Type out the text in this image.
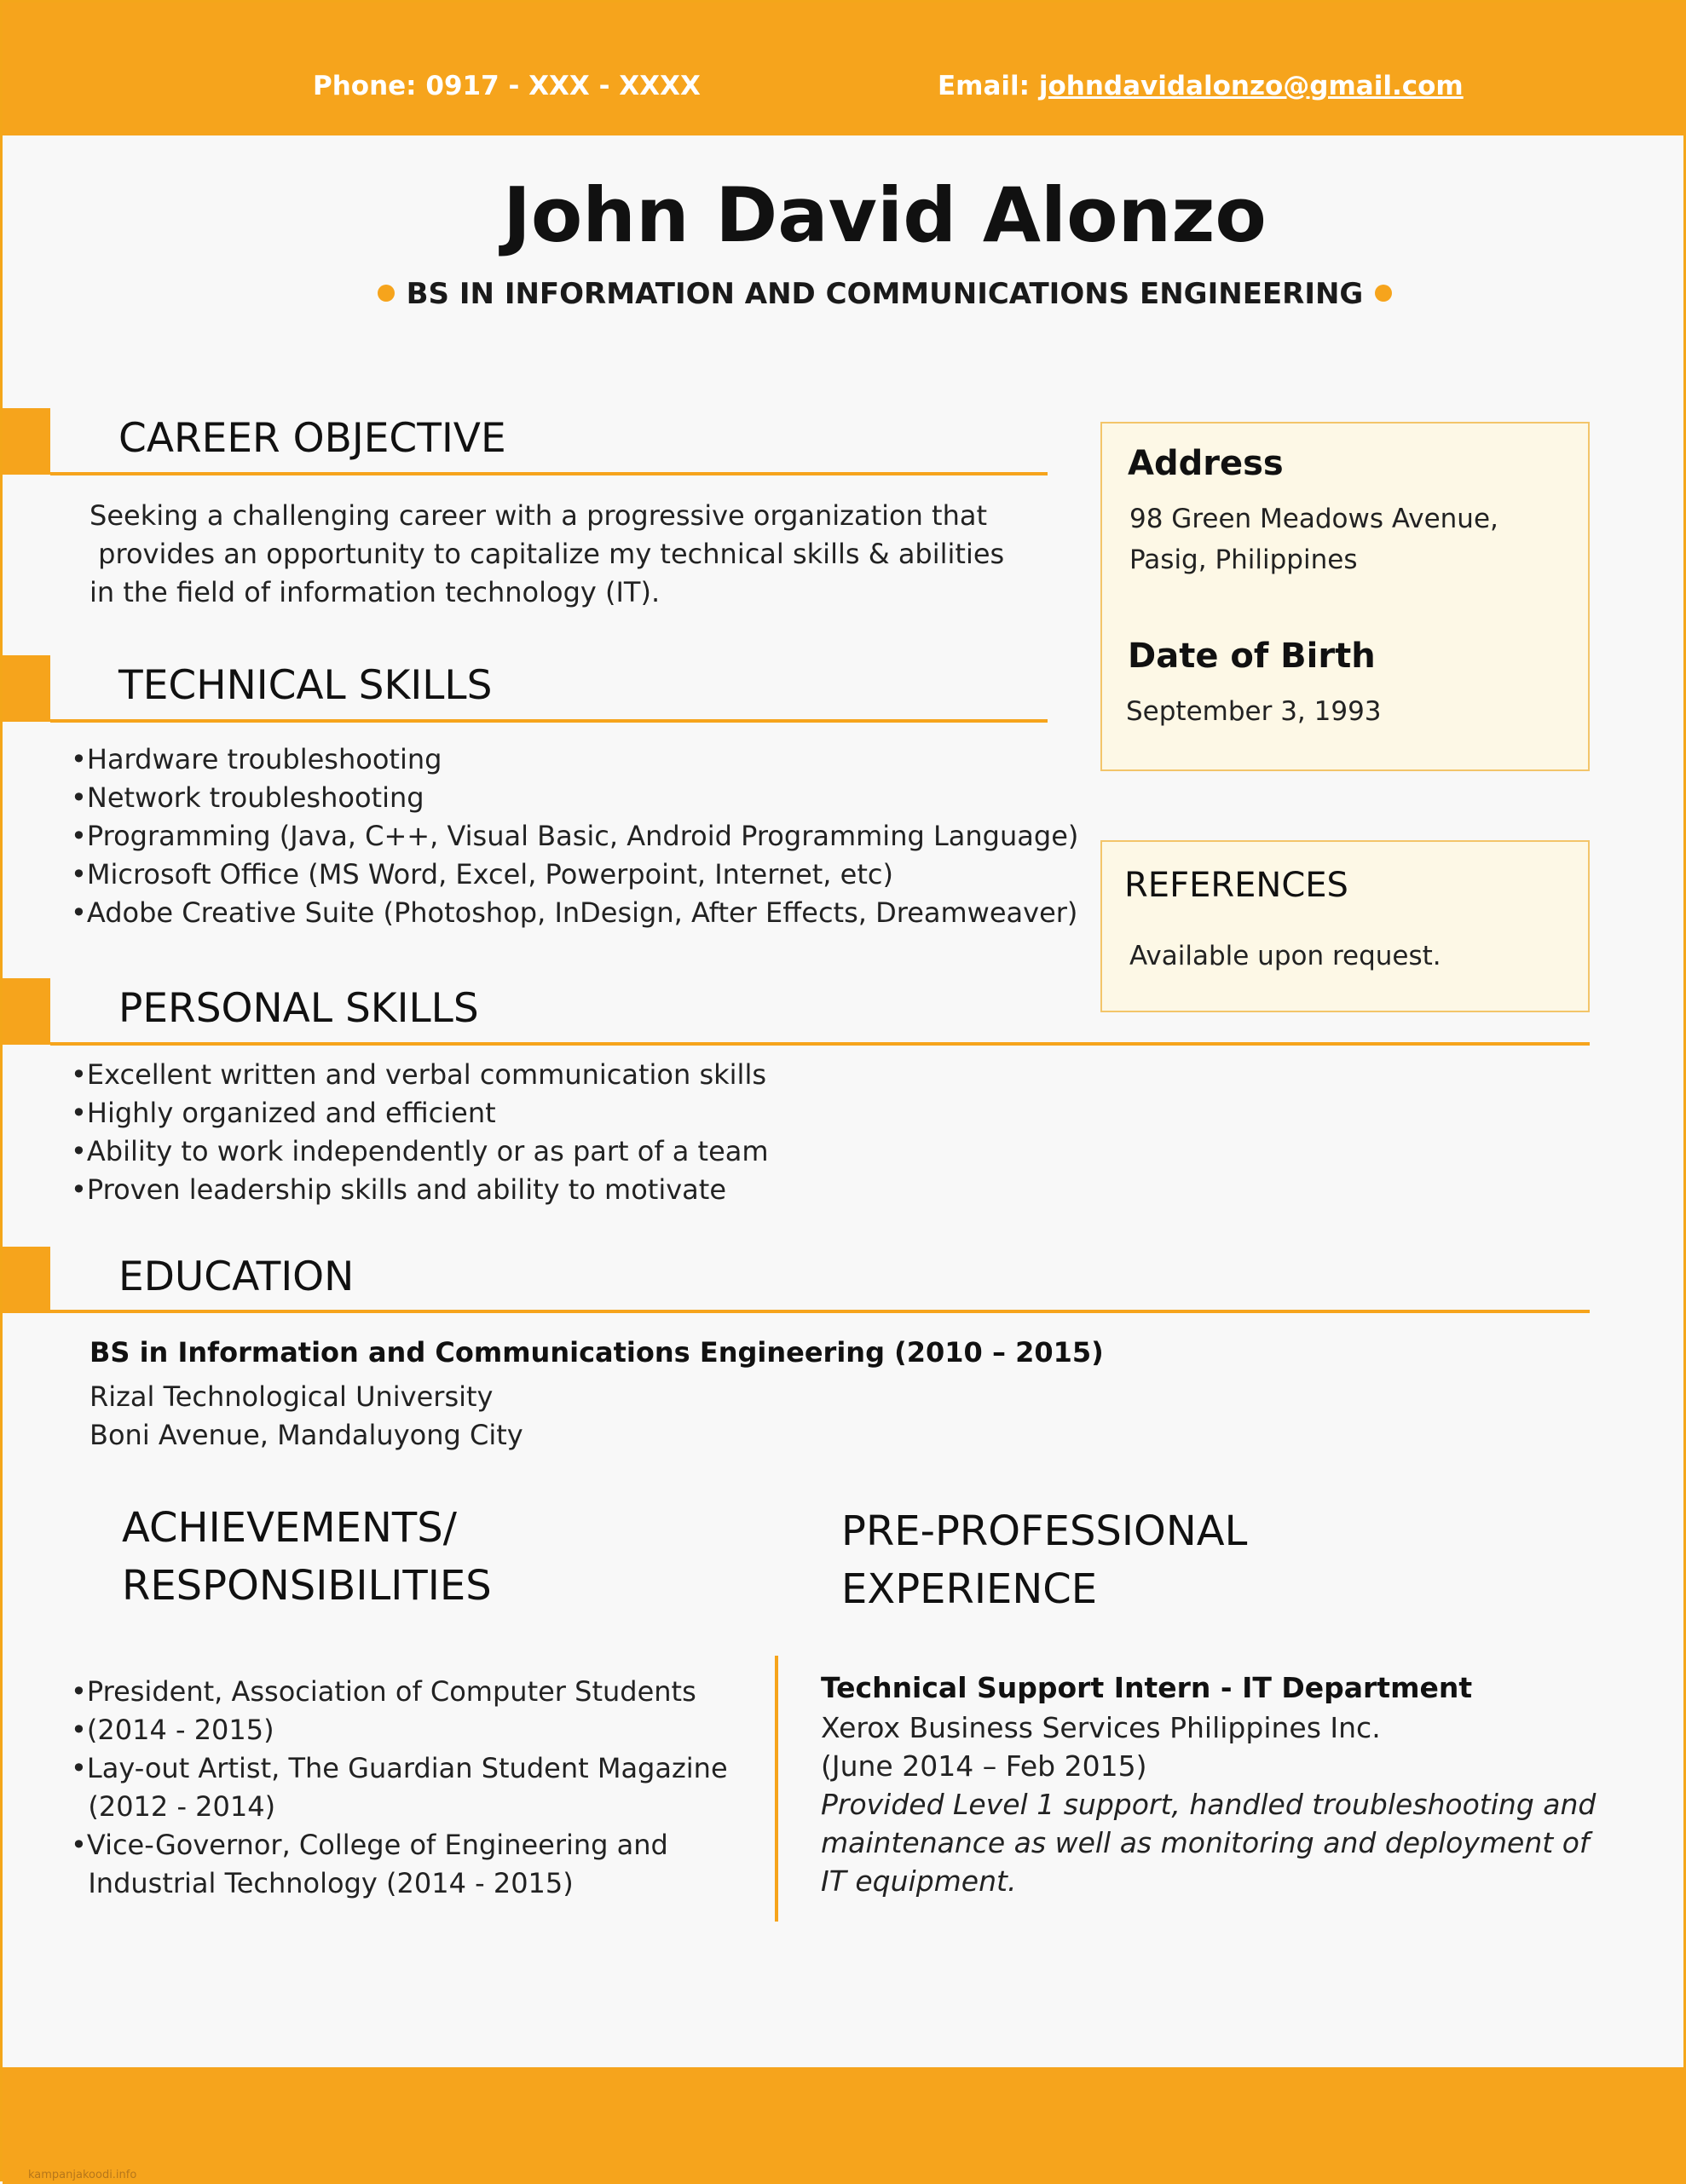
Phone: 0917 - XXX - XXXX	Email: johndavidalonzo@gmail.com
John David Alonzo
BS IN INFORMATION AND COMMUNICATIONS ENGINEERING
CAREER OBJECTIVE
Seeking a challenging career with a progressive organization that
provides an opportunity to capitalize my technical skills & abilities
in the field of information technology (IT).
TECHNICAL SKILLS
•Hardware troubleshooting
•Network troubleshooting
•Programming (Java, C++, Visual Basic, Android Programming Language)
•Microsoft Office (MS Word, Excel, Powerpoint, Internet, etc)
•Adobe Creative Suite (Photoshop, InDesign, After Effects, Dreamweaver)
PERSONAL SKILLS
•Excellent written and verbal communication skills
•Highly organized and efficient
•Ability to work independently or as part of a team
•Proven leadership skills and ability to motivate
EDUCATION
BS in Information and Communications Engineering (2010 – 2015)
Rizal Technological University
Boni Avenue, Mandaluyong City
Address
98 Green Meadows Avenue,
Pasig, Philippines
Date of Birth
September 3, 1993
REFERENCES
Available upon request.
ACHIEVEMENTS/
RESPONSIBILITIES
•President, Association of Computer Students
•(2014 - 2015)
•Lay-out Artist, The Guardian Student Magazine
(2012 - 2014)
•Vice-Governor, College of Engineering and
Industrial Technology (2014 - 2015)
PRE-PROFESSIONAL
EXPERIENCE
Technical Support Intern - IT Department
Xerox Business Services Philippines Inc.
(June 2014 – Feb 2015)
Provided Level 1 support, handled troubleshooting and
maintenance as well as monitoring and deployment of
IT equipment.
kampanjakoodi.info
